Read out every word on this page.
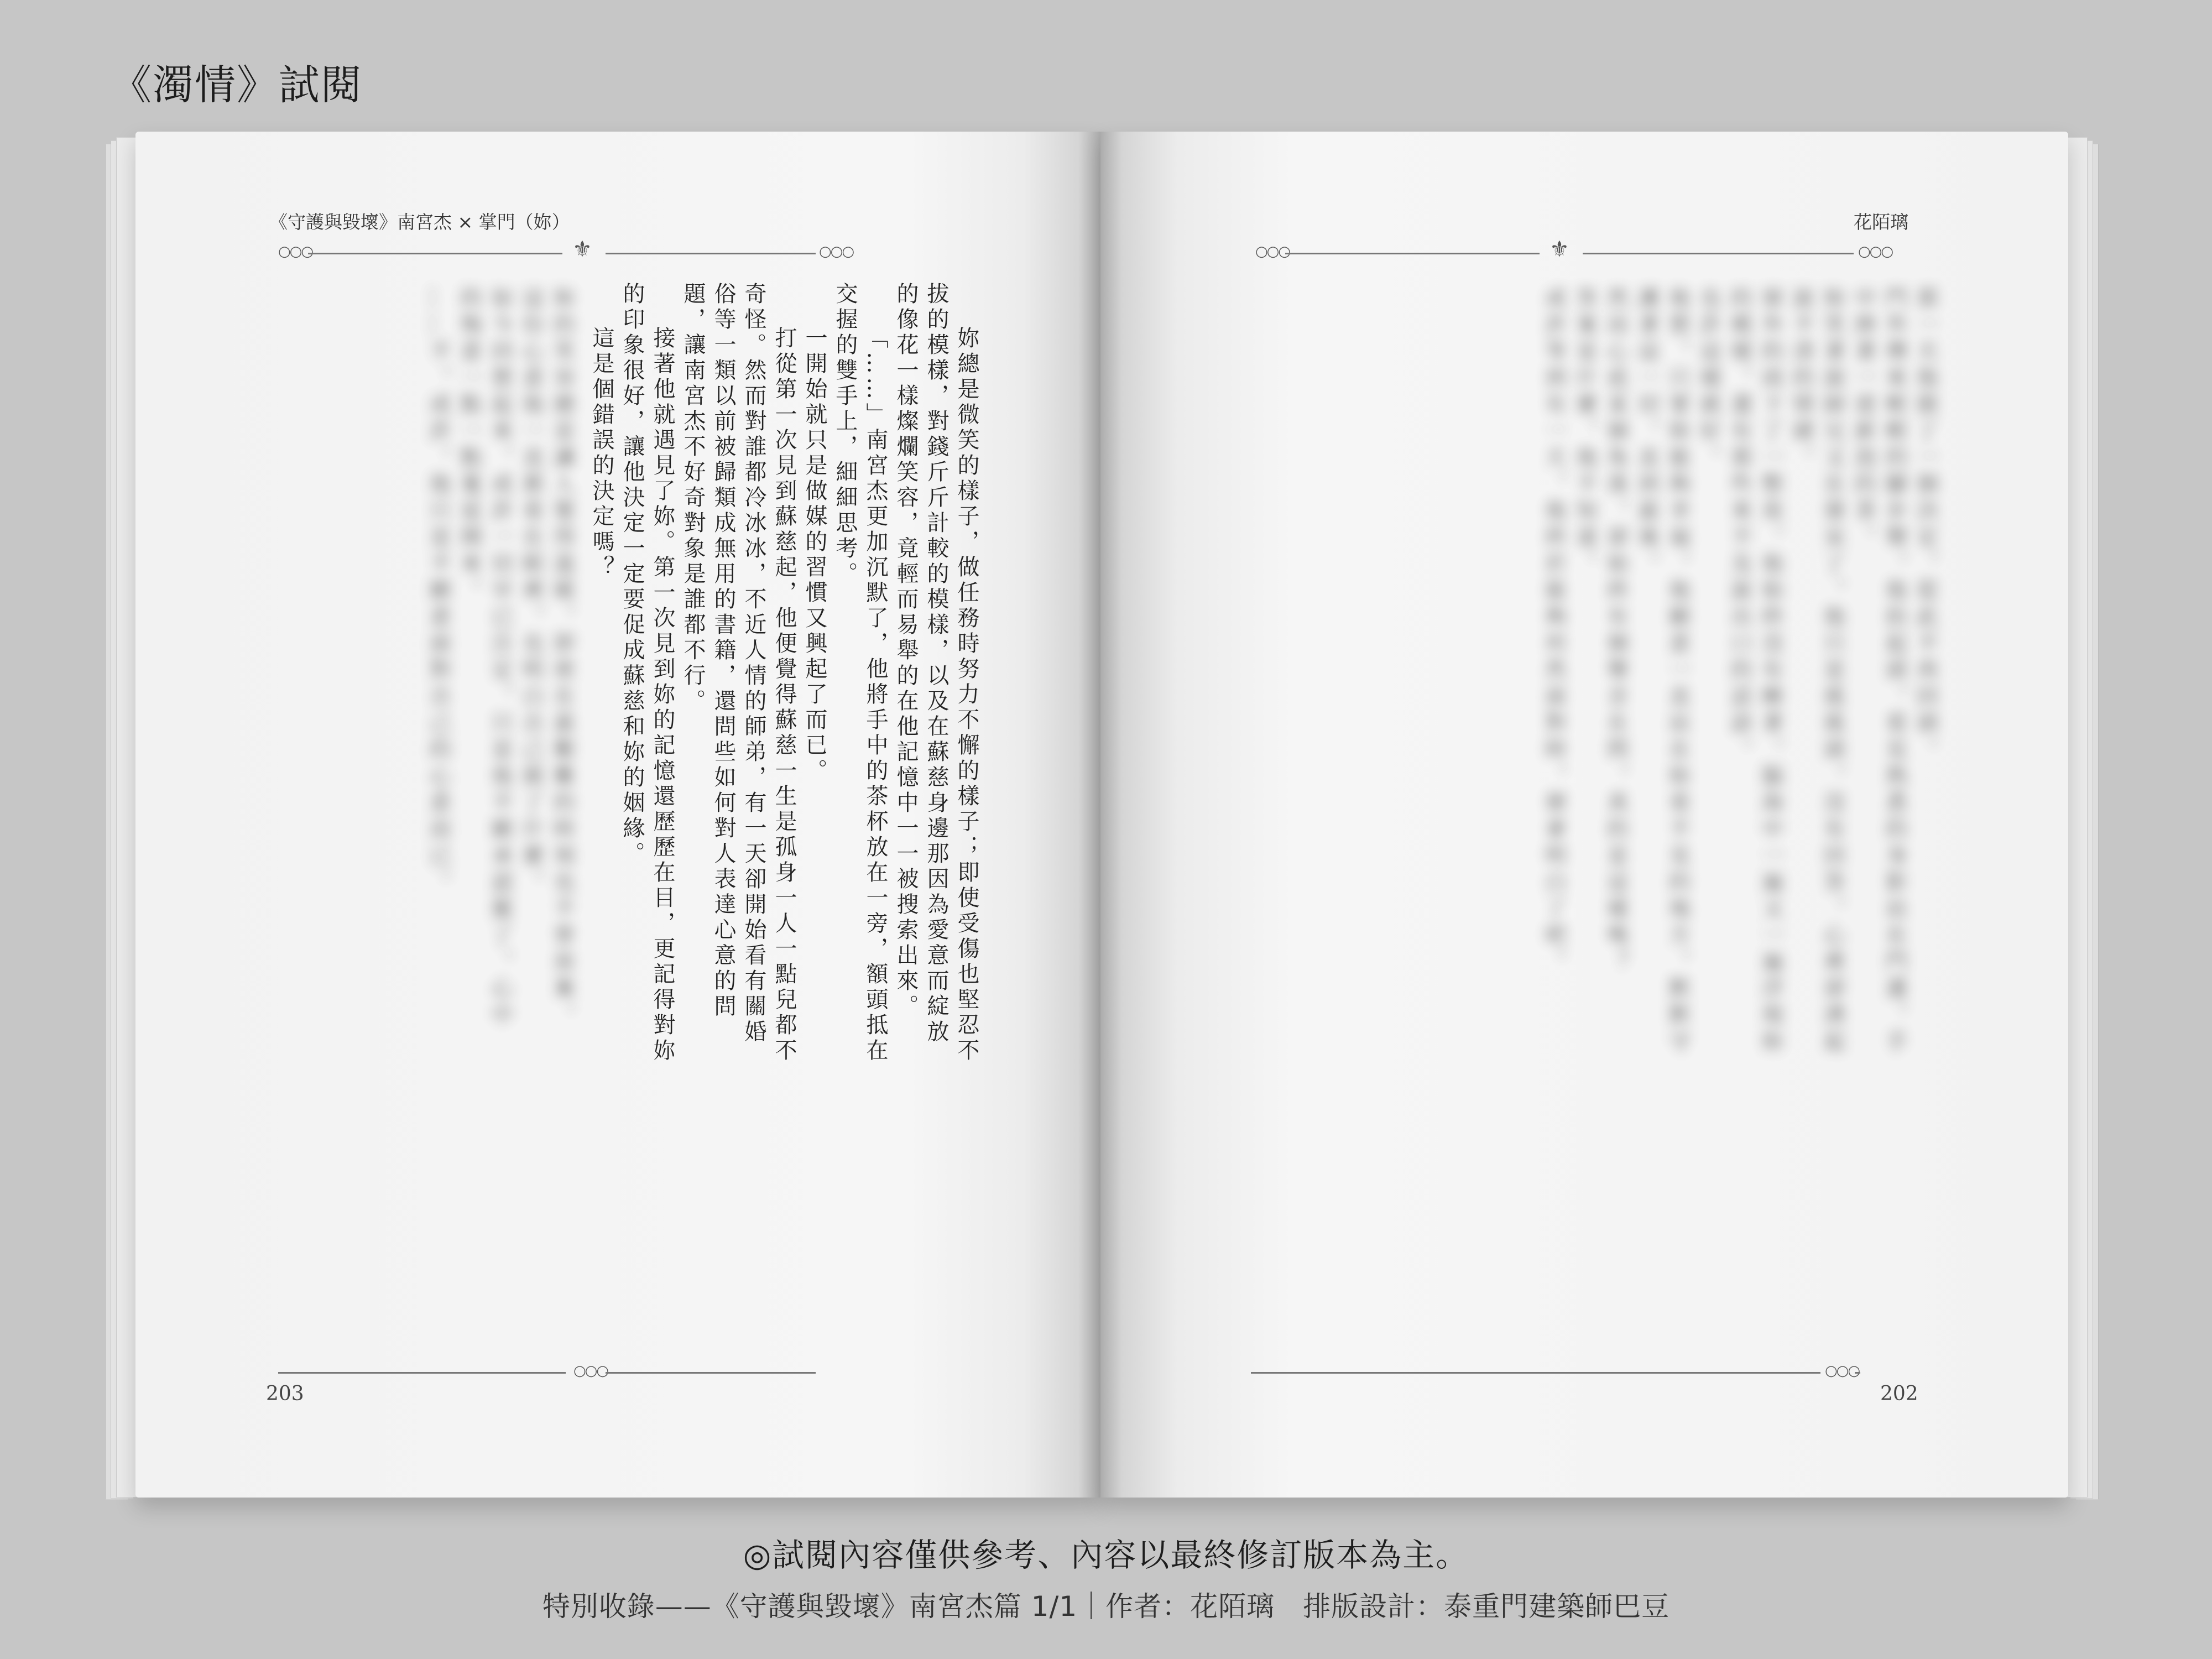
《濁情》試閱
《守護與毀壞》南宮杰 × 掌門（妳）
○○○	⚜	○○○

妳總是微笑的樣子，做任務時努力不懈的樣子；即使受傷也堅忍不拔的模樣，對錢斤斤計較的模樣，以及在蘇慈身邊那因為愛意而綻放的像花一樣燦爛笑容，竟輕而易舉的在他記憶中一一被搜索出來。

「……」南宮杰更加沉默了，他將手中的茶杯放在一旁，額頭抵在交握的雙手上，細細思考。

一開始就只是做媒的習慣又興起了而已。

打從第一次見到蘇慈起，他便覺得蘇慈一生是孤身一人一點兒都不奇怪。然而對誰都冷冰冰，不近人情的師弟，有一天卻開始看有關婚俗等一類以前被歸類成無用的書籍，還問些如何對人表達心意的問題，讓南宮杰不好奇對象是誰都不行。

接著他就遇見了妳。第一次見到妳的記憶還歷歷在目，更記得對妳的印象很好，讓他決定一定要促成蘇慈和妳的姻緣。

這是個錯誤的決定嗎？

妳的笑容總是讓人覺得溫暖，即使在最艱難的時刻也不曾放棄，這份心意他一直都看在眼裡，也明白自己做了什麼。

如今回想起來，或許一切早已注定，只是他不願承認罷了，心中的悔意一點一點蔓延開來。

……不，或許，他只是不願意面對自己的心意而已。

○○○
203
花陌璃
○○○	⚜	○○○

那一天他做了一個決定，從此不再回頭。

門外傳來輕輕的腳步聲，他抬起頭，看見熟悉的身影站在門邊，手中捧著一壺新泡的茶。

妳笑著說師兄又在發呆了，他只是搖搖頭，沒有回答，心裡卻湧起說不清的情緒。

窗外的雨下了一整夜，他始終沒有睡著，腦海中一遍又一遍浮現妳的模樣，還有那些來不及說出口的話語。

也許這樣就好。

他想，只要妳能夠幸福，他願意一直站在妳看不見的地方，默默守護著這一切，直到最後。

然而心底某個角落，卻始終有個聲音在問，真的是這樣嗎？

答案是什麼，他不知道。

或許等到有一天，他終於能夠坦然面對時，便會明白了吧。

○○○
202
◎試閱內容僅供參考、內容以最終修訂版本為主。
特別收錄——《守護與毀壞》南宮杰篇 1/1｜作者：花陌璃　排版設計：泰重門建築師巴豆
